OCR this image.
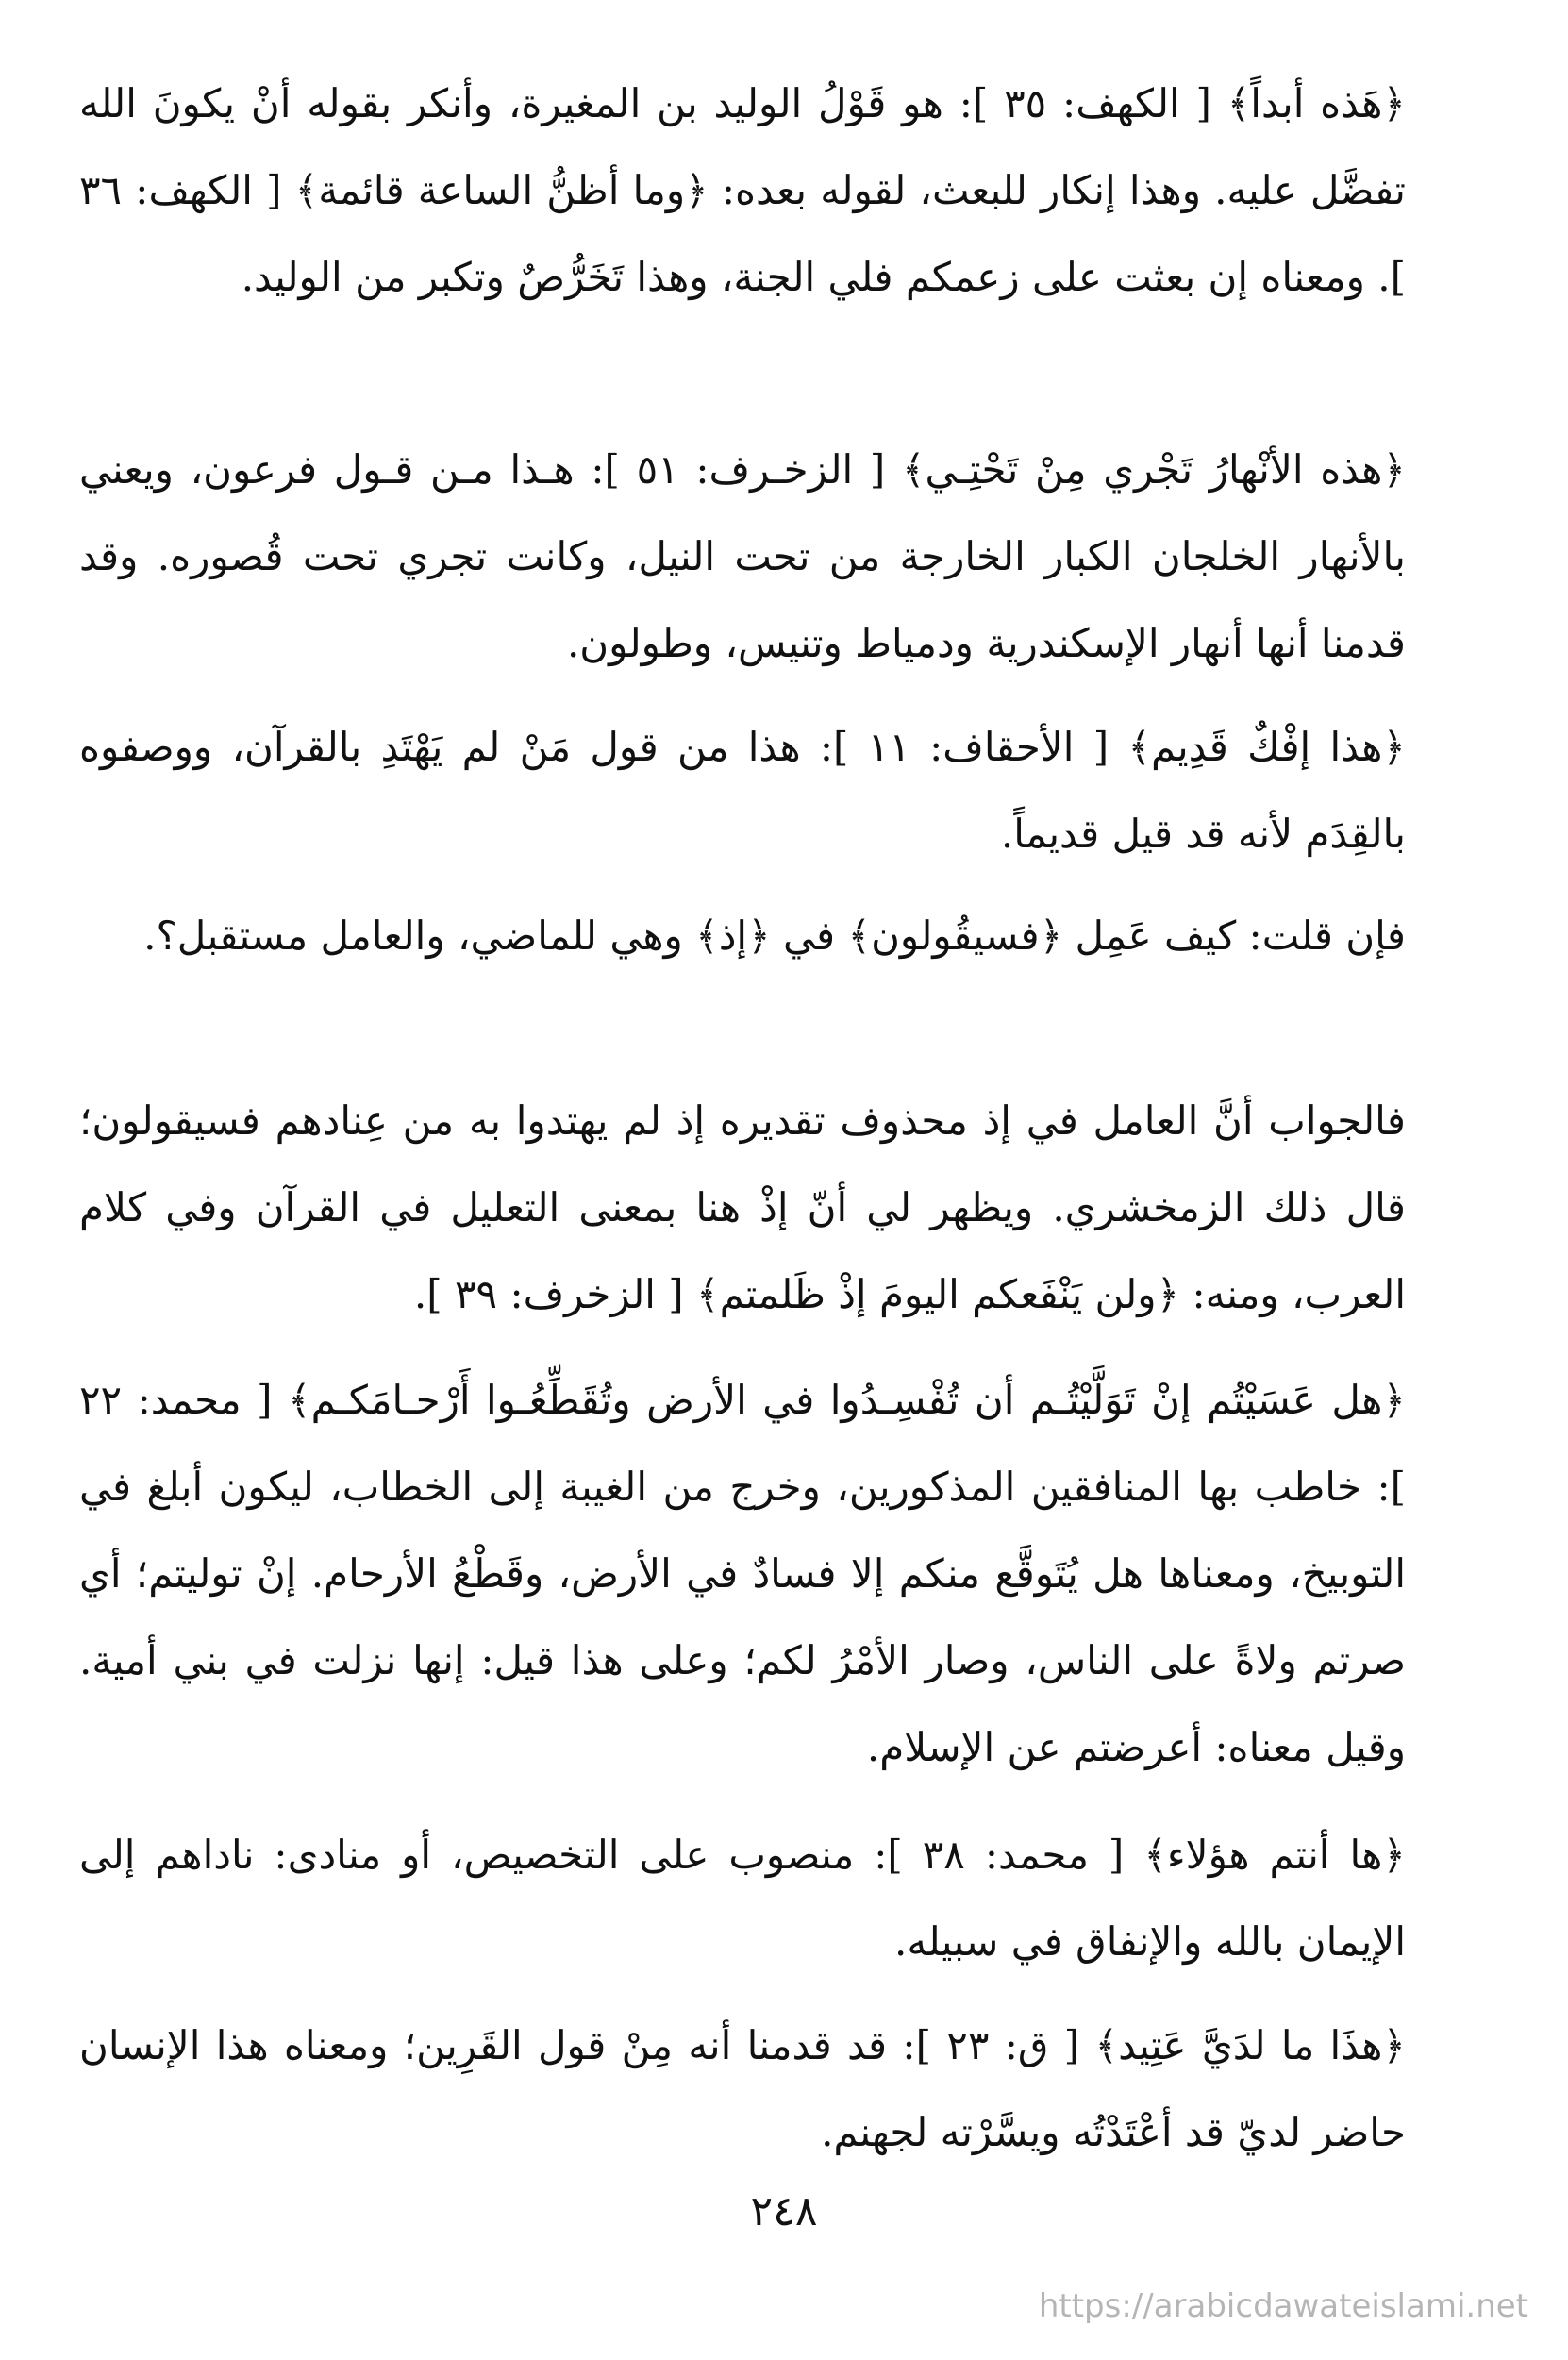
﴿هَذه أبداً﴾ [ الكهف: ٣٥ ]: هو قَوْلُ الوليد بن المغيرة، وأنكر بقوله أنْ يكونَ الله تفضَّل عليه. وهذا إنكار للبعث، لقوله بعده: ﴿وما أظنُّ الساعة قائمة﴾ [ الكهف: ٣٦ ]. ومعناه إن بعثت على زعمكم فلي الجنة، وهذا تَخَرُّصٌ وتكبر من الوليد.

﴿هذه الأنْهارُ تَجْري مِنْ تَحْتِـي﴾ [ الزخـرف: ٥١ ]: هـذا مـن قـول فرعون، ويعني بالأنهار الخلجان الكبار الخارجة من تحت النيل، وكانت تجري تحت قُصوره. وقد قدمنا أنها أنهار الإسكندرية ودمياط وتنيس، وطولون.

﴿هذا إفْكٌ قَدِيم﴾ [ الأحقاف: ١١ ]: هذا من قول مَنْ لم يَهْتَدِ بالقرآن، ووصفوه بالقِدَم لأنه قد قيل قديماً.

فإن قلت: كيف عَمِل ﴿فسيقُولون﴾ في ﴿إذ﴾ وهي للماضي، والعامل مستقبل؟.

فالجواب أنَّ العامل في إذ محذوف تقديره إذ لم يهتدوا به من عِنادهم فسيقولون؛ قال ذلك الزمخشري. ويظهر لي أنّ إذْ هنا بمعنى التعليل في القرآن وفي كلام العرب، ومنه: ﴿ولن يَنْفَعكم اليومَ إذْ ظَلمتم﴾ [ الزخرف: ٣٩ ].

﴿هل عَسَيْتُم إنْ تَوَلَّيْتُـم أن تُفْسِـدُوا في الأرض وتُقَطِّعُـوا أَرْحـامَكـم﴾ [ محمد: ٢٢ ]: خاطب بها المنافقين المذكورين، وخرج من الغيبة إلى الخطاب، ليكون أبلغ في التوبيخ، ومعناها هل يُتَوقَّع منكم إلا فسادٌ في الأرض، وقَطْعُ الأرحام. إنْ توليتم؛ أي صرتم ولاةً على الناس، وصار الأمْرُ لكم؛ وعلى هذا قيل: إنها نزلت في بني أمية. وقيل معناه: أعرضتم عن الإسلام.

﴿ها أنتم هؤلاء﴾ [ محمد: ٣٨ ]: منصوب على التخصيص، أو منادى: ناداهم إلى الإيمان بالله والإنفاق في سبيله.

﴿هذَا ما لدَيَّ عَتِيد﴾ [ ق: ٢٣ ]: قد قدمنا أنه مِنْ قول القَرِين؛ ومعناه هذا الإنسان حاضر لديّ قد أعْتَدْتُه ويسَّرْته لجهنم.

٢٤٨
https://arabicdawateislami.net
